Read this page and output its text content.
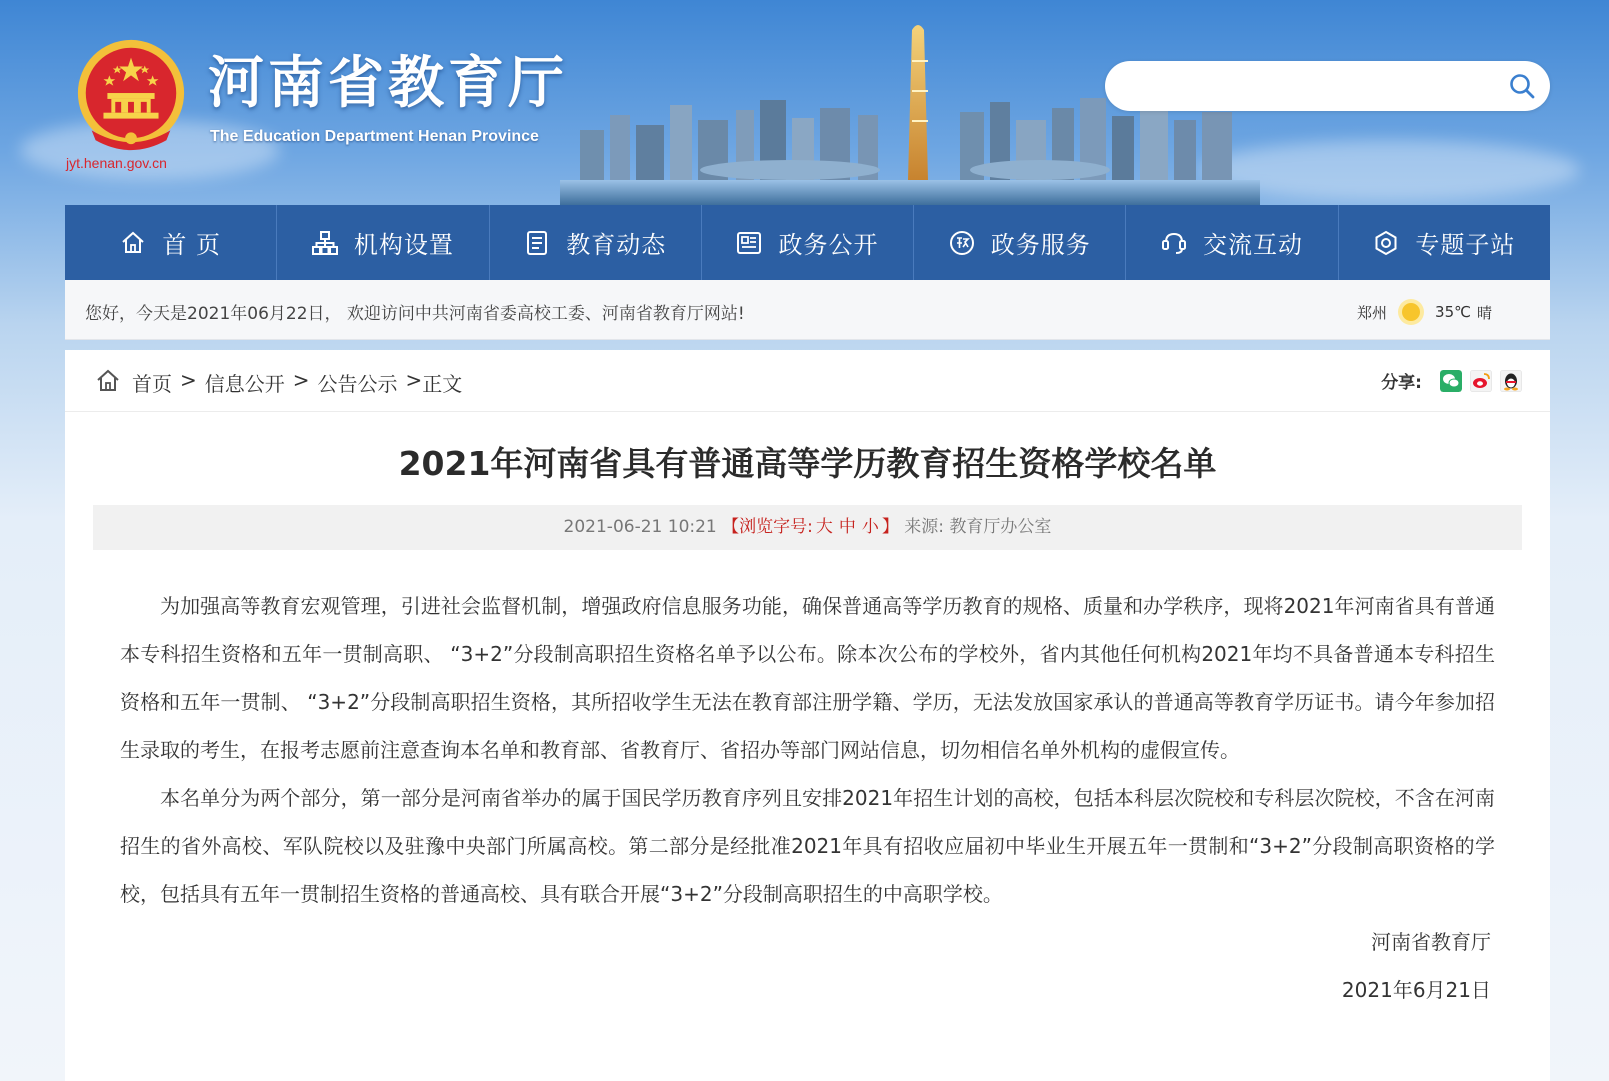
jyt.henan.gov.cn
河南省教育厅
The Education Department Henan Province
首 页	机构设置	教育动态	政务公开	政务服务	交流互动	专题子站
您好，今天是2021年06月22日， 欢迎访问中共河南省委高校工委、河南省教育厅网站!	郑州	35℃ 晴
首页 > 信息公开 > 公告公示 > 正文	分享:
2021年河南省具有普通高等学历教育招生资格学校名单
2021-06-21 10:21 【浏览字号: 大 中 小 】 来源: 教育厅办公室

为加强高等教育宏观管理，引进社会监督机制，增强政府信息服务功能，确保普通高等学历教育的规格、质量和办学秩序，现将2021年河南省具有普通本专科招生资格和五年一贯制高职、 “3+2”分段制高职招生资格名单予以公布。除本次公布的学校外，省内其他任何机构2021年均不具备普通本专科招生资格和五年一贯制、 “3+2”分段制高职招生资格，其所招收学生无法在教育部注册学籍、学历，无法发放国家承认的普通高等教育学历证书。请今年参加招生录取的考生，在报考志愿前注意查询本名单和教育部、省教育厅、省招办等部门网站信息，切勿相信名单外机构的虚假宣传。

本名单分为两个部分，第一部分是河南省举办的属于国民学历教育序列且安排2021年招生计划的高校，包括本科层次院校和专科层次院校，不含在河南招生的省外高校、军队院校以及驻豫中央部门所属高校。第二部分是经批准2021年具有招收应届初中毕业生开展五年一贯制和“3+2”分段制高职资格的学校，包括具有五年一贯制招生资格的普通高校、具有联合开展“3+2”分段制高职招生的中高职学校。

河南省教育厅

2021年6月21日
